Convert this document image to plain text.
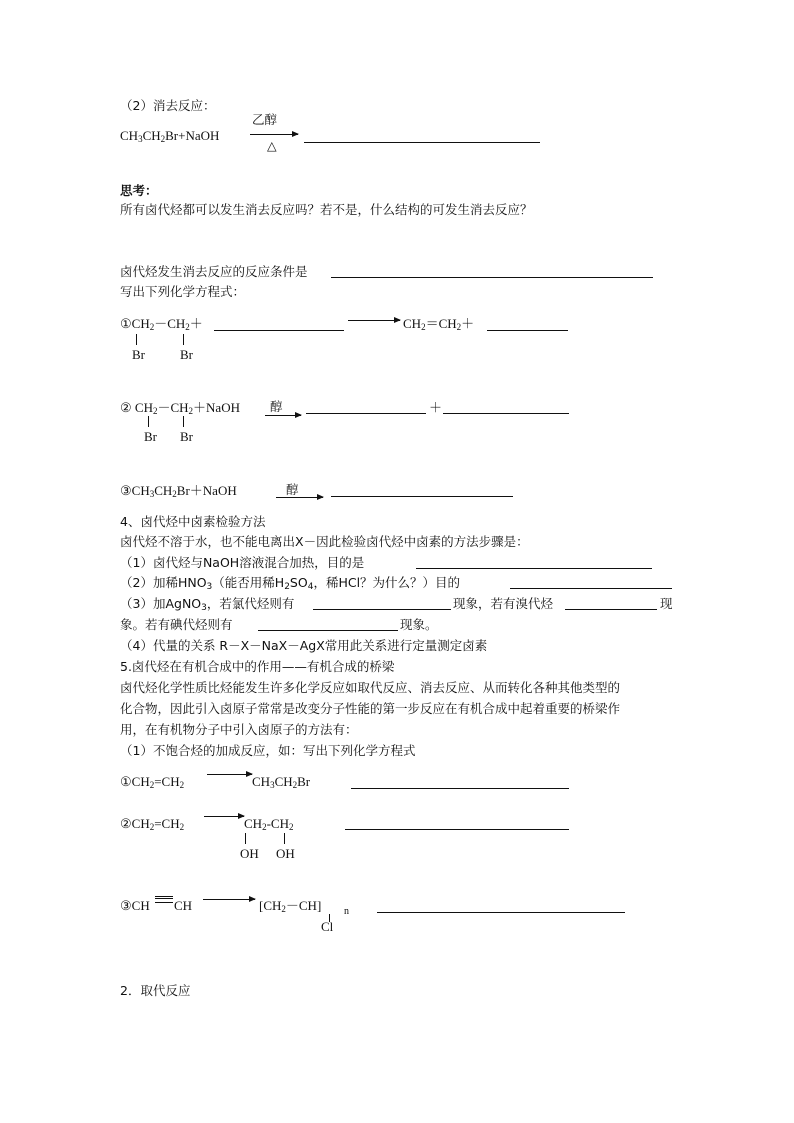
（2）消去反应：
乙醇
△
$CH_3CH_2Br+NaOH$
思考：
所有卤代烃都可以发生消去反应吗？若不是，什么结构的可发生消去反应？
卤代烃发生消去反应的反应条件是
写出下列化学方程式：
$①CH_2-CH_2+$	$CH_2=CH_2+$
Br	Br
② $CH_2-CH_2+NaOH$ 醇	＋
Br Br
$③CH_3CH_2Br+NaOH$	醇
4、卤代烃中卤素检验方法
卤代烃不溶于水，也不能电离出X－因此检验卤代烃中卤素的方法步骤是：
（1）卤代烃与NaOH溶液混合加热，目的是
（2）加稀$HNO_3$（能否用稀$H_2SO_4$，稀HCl？为什么？）目的
（3）加AgNO$_3$，若氯代烃则有	现象，若有溴代烃	现
象。若有碘代烃则有	现象。
（4）代量的关系 R－X－NaX－AgX常用此关系进行定量测定卤素
5.卤代烃在有机合成中的作用——有机合成的桥梁
卤代烃化学性质比烃能发生许多化学反应如取代反应、消去反应、从而转化各种其他类型的
化合物，因此引入卤原子常常是改变分子性能的第一步反应在有机合成中起着重要的桥梁作
用，在有机物分子中引入卤原子的方法有：
（1）不饱合烃的加成反应，如：写出下列化学方程式
$①CH_2=CH_2$	$CH_3CH_2Br$
$②CH_2=CH_2$	$CH_2-CH_2$
OH OH
③CH CH	$[CH_2-CH]$ n
Cl
2．取代反应
